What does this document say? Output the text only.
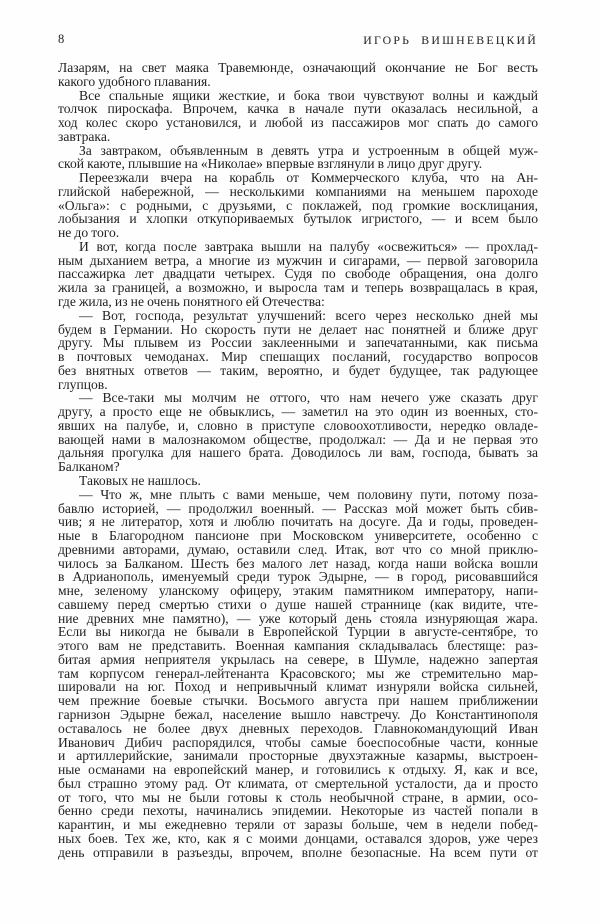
8	ИГОРЬ ВИШНЕВЕЦКИЙ
Лазарям, на свет маяка Травемюнде, означающий окончание не Бог весть
какого удобного плавания.
Все спальные ящики жесткие, и бока твои чувствуют волны и каждый
толчок пироскафа. Впрочем, качка в начале пути оказалась несильной, а
ход колес скоро установился, и любой из пассажиров мог спать до самого
завтрака.
За завтраком, объявленным в девять утра и устроенным в общей муж-
ской каюте, плывшие на «Николае» впервые взглянули в лицо друг другу.
Переезжали вчера на корабль от Коммерческого клуба, что на Ан-
глийской набережной, — несколькими компаниями на меньшем пароходе
«Ольга»: с родными, с друзьями, с поклажей, под громкие восклицания,
лобызания и хлопки откупориваемых бутылок игристого, — и всем было
не до того.
И вот, когда после завтрака вышли на палубу «освежиться» — прохлад-
ным дыханием ветра, а многие из мужчин и сигарами, — первой заговорила
пассажирка лет двадцати четырех. Судя по свободе обращения, она долго
жила за границей, а возможно, и выросла там и теперь возвращалась в края,
где жила, из не очень понятного ей Отечества:
— Вот, господа, результат улучшений: всего через несколько дней мы
будем в Германии. Но скорость пути не делает нас понятней и ближе друг
другу. Мы плывем из России заклеенными и запечатанными, как письма
в почтовых чемоданах. Мир спешащих посланий, государство вопросов
без внятных ответов — таким, вероятно, и будет будущее, так радующее
глупцов.
— Все-таки мы молчим не оттого, что нам нечего уже сказать друг
другу, а просто еще не обвыклись, — заметил на это один из военных, сто-
явших на палубе, и, словно в приступе словоохотливости, нередко овладе-
вающей нами в малознакомом обществе, продолжал: — Да и не первая это
дальняя прогулка для нашего брата. Доводилось ли вам, господа, бывать за
Балканом?
Таковых не нашлось.
— Что ж, мне плыть с вами меньше, чем половину пути, потому поза-
бавлю историей, — продолжил военный. — Рассказ мой может быть сбив-
чив; я не литератор, хотя и люблю почитать на досуге. Да и годы, проведен-
ные в Благородном пансионе при Московском университете, особенно с
древними авторами, думаю, оставили след. Итак, вот что со мной приклю-
чилось за Балканом. Шесть без малого лет назад, когда наши войска вошли
в Адрианополь, именуемый среди турок Эдырне, — в город, рисовавшийся
мне, зеленому уланскому офицеру, этаким памятником императору, напи-
савшему перед смертью стихи о душе нашей страннице (как видите, чте-
ние древних мне памятно), — уже который день стояла изнуряющая жара.
Если вы никогда не бывали в Европейской Турции в августе-сентябре, то
этого вам не представить. Военная кампания складывалась блестяще: раз-
битая армия неприятеля укрылась на севере, в Шумле, надежно запертая
там корпусом генерал-лейтенанта Красовского; мы же стремительно мар-
шировали на юг. Поход и непривычный климат изнуряли войска сильней,
чем прежние боевые стычки. Восьмого августа при нашем приближении
гарнизон Эдырне бежал, население вышло навстречу. До Константинополя
оставалось не более двух дневных переходов. Главнокомандующий Иван
Иванович Дибич распорядился, чтобы самые боеспособные части, конные
и артиллерийские, занимали просторные двухэтажные казармы, выстроен-
ные османами на европейский манер, и готовились к отдыху. Я, как и все,
был страшно этому рад. От климата, от смертельной усталости, да и просто
от того, что мы не были готовы к столь необычной стране, в армии, осо-
бенно среди пехоты, начинались эпидемии. Некоторые из частей попали в
карантин, и мы ежедневно теряли от заразы больше, чем в недели побед-
ных боев. Тех же, кто, как я с моими донцами, оставался здоров, уже через
день отправили в разъезды, впрочем, вполне безопасные. На всем пути от
